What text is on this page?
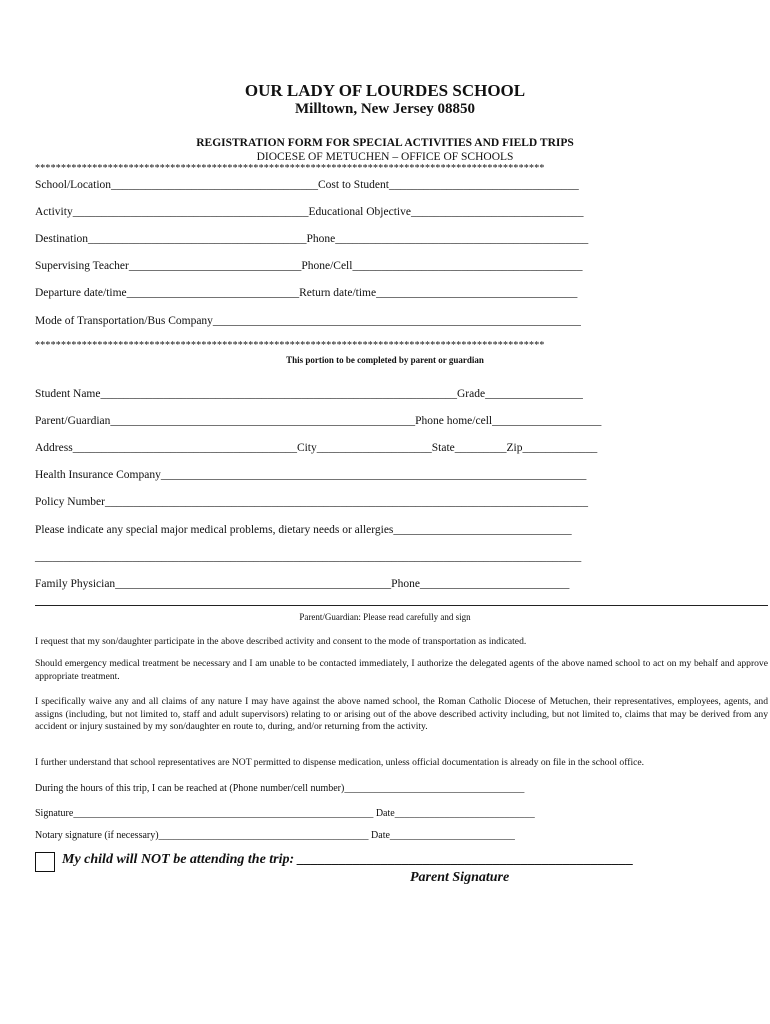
OUR LADY OF LOURDES SCHOOL
Milltown, New Jersey 08850
REGISTRATION FORM FOR SPECIAL ACTIVITIES AND FIELD TRIPS
DIOCESE OF METUCHEN – OFFICE OF SCHOOLS
**************************************************************************************************
School/Location____________________________________Cost to Student_________________________________
Activity_________________________________________Educational Objective______________________________
Destination______________________________________Phone____________________________________________
Supervising Teacher______________________________Phone/Cell________________________________________
Departure date/time______________________________Return date/time___________________________________
Mode of Transportation/Bus Company________________________________________________________________
**************************************************************************************************
This portion to be completed by parent or guardian
Student Name______________________________________________________________Grade_________________
Parent/Guardian_____________________________________________________Phone home/cell___________________
Address_______________________________________City____________________State_________Zip_____________
Health Insurance Company__________________________________________________________________________
Policy Number____________________________________________________________________________________
Please indicate any special major medical problems, dietary needs or allergies_______________________________
_______________________________________________________________________________________________
Family Physician________________________________________________Phone__________________________
Parent/Guardian: Please read carefully and sign
I request that my son/daughter participate in the above described activity and consent to the mode of transportation as indicated.
Should emergency medical treatment be necessary and I am unable to be contacted immediately, I authorize the delegated agents of the above named school to act on my behalf and approve appropriate treatment.
I specifically waive any and all claims of any nature I may have against the above named school, the Roman Catholic Diocese of Metuchen, their representatives, employees, agents, and assigns (including, but not limited to, staff and adult supervisors) relating to or arising out of the above described activity including, but not limited to, claims that may be derived from any accident or injury sustained by my son/daughter en route to, during, and/or returning from the activity.
I further understand that school representatives are NOT permitted to dispense medication, unless official documentation is already on file in the school office.
During the hours of this trip, I can be reached at (Phone number/cell number)____________________________________
Signature____________________________________________________________ Date____________________________
Notary signature (if necessary)__________________________________________ Date_________________________
My child will NOT be attending the trip: ________________________________________________
Parent Signature
